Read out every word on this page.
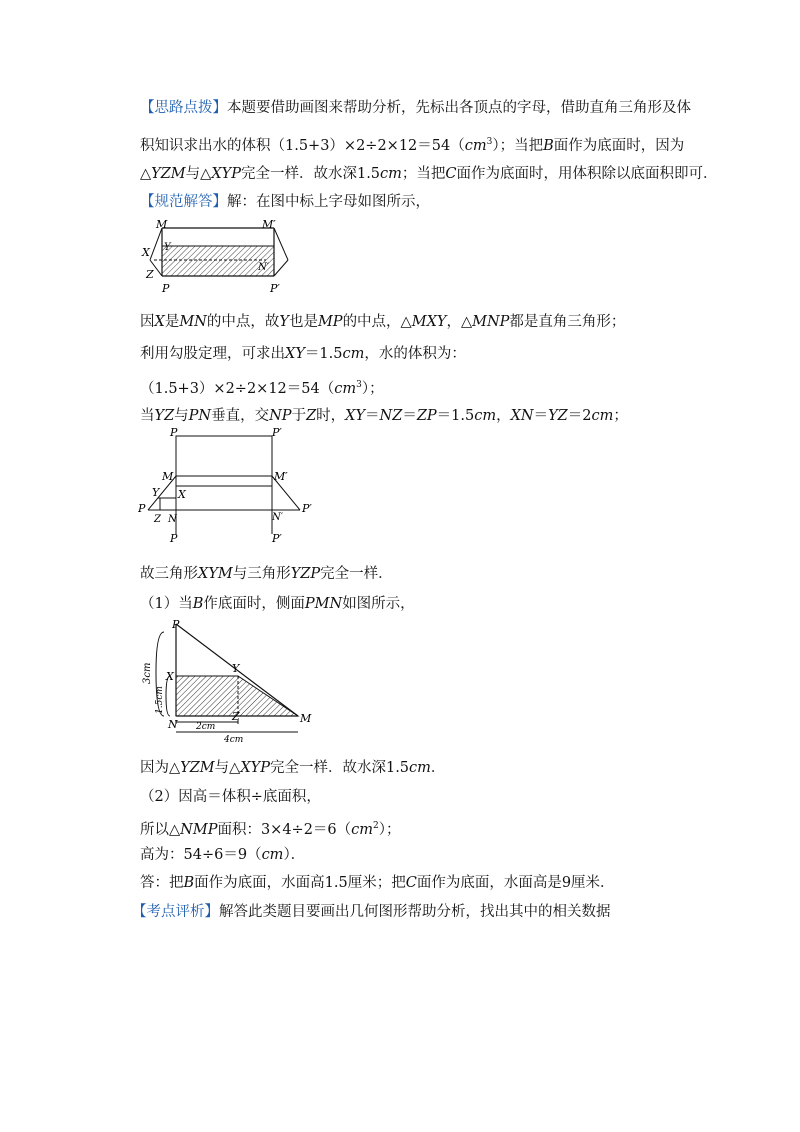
【思路点拨】本题要借助画图来帮助分析，先标出各顶点的字母，借助直角三角形及体
积知识求出水的体积$(1.5+3)\times 2\div 2\times 12=54(cm^3)$；当把B面作为底面时，因为
△YZM与△XYP完全一样．故水深1.5cm；当把C面作为底面时，用体积除以底面积即可．
【规范解答】解：在图中标上字母如图所示，
M	M′
X Y
N′
Z
P	P′
因X是MN的中点，故Y也是MP的中点，△MXY，△MNP都是直角三角形；
利用勾股定理，可求出XY＝1.5cm，水的体积为：
$(1.5+3)\times 2\div 2\times 12=54(cm^3)$；
当YZ与PN垂直，交NP于Z时，XY＝NZ＝ZP＝1.5cm，XN＝YZ＝2cm；
P	P′
M	M′
Y X
P	P′
Z N	N′
P	P′
故三角形XYM与三角形YZP完全一样．
（1）当B作底面时，侧面PMN如图所示，
P
Y
X
N
Z	M
3cm
1.5cm
2cm
4cm
因为△YZM与△XYP完全一样．故水深1.5cm．
（2）因高＝体积÷底面积，
所以△NMP面积：$3\times 4\div 2=6(cm^2)$；
高为：54÷6＝9（cm）．
答：把B面作为底面，水面高1.5厘米；把C面作为底面，水面高是9厘米．
【考点评析】解答此类题目要画出几何图形帮助分析，找出其中的相关数据
